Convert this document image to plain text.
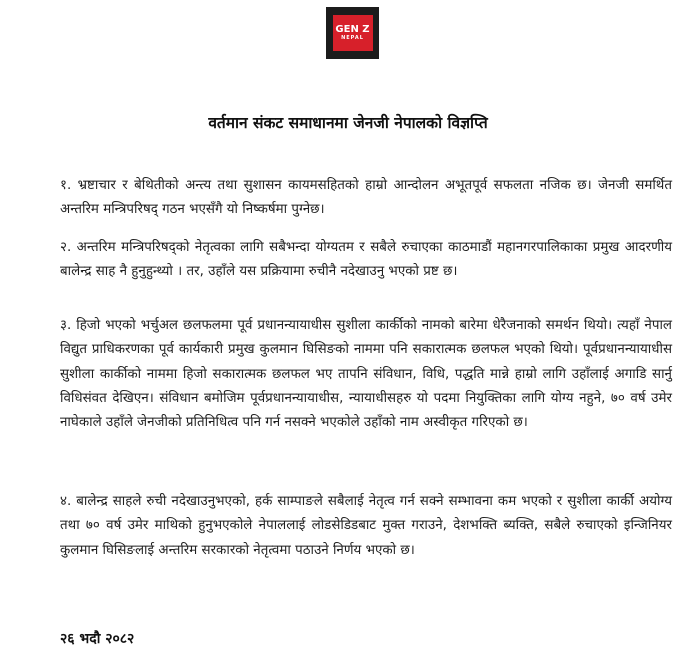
GEN Z
NEPAL
वर्तमान संकट समाधानमा जेनजी नेपालको विज्ञप्ति
१. भ्रष्टाचार र बेथितीको अन्त्य तथा सुशासन कायमसहितको हाम्रो आन्दोलन अभूतपूर्व सफलता नजिक छ। जेनजी समर्थित अन्तरिम मन्त्रिपरिषद् गठन भएसँगै यो निष्कर्षमा पुग्नेछ।
२. अन्तरिम मन्त्रिपरिषद्को नेतृत्वका लागि सबैभन्दा योग्यतम र सबैले रुचाएका काठमाडौं महानगरपालिकाका प्रमुख आदरणीय बालेन्द्र साह नै हुनुहुन्थ्यो । तर, उहाँले यस प्रक्रियामा रुचीनै नदेखाउनु भएको प्रष्ट छ।
३. हिजो भएको भर्चुअल छलफलमा पूर्व प्रधानन्यायाधीस सुशीला कार्कीको नामको बारेमा धेरैजनाको समर्थन थियो। त्यहाँ नेपाल विद्युत प्राधिकरणका पूर्व कार्यकारी प्रमुख कुलमान घिसिङको नाममा पनि सकारात्मक छलफल भएको थियो। पूर्वप्रधानन्यायाधीस सुशीला कार्कीको नाममा हिजो सकारात्मक छलफल भए तापनि संविधान, विधि, पद्धति मान्ने हाम्रो लागि उहाँलाई अगाडि सार्नु विधिसंवत देखिएन। संविधान बमोजिम पूर्वप्रधानन्यायाधीस, न्यायाधीसहरु यो पदमा नियुक्तिका लागि योग्य नहुने, ७० वर्ष उमेर नाघेकाले उहाँले जेनजीको प्रतिनिधित्व पनि गर्न नसक्ने भएकोले उहाँको नाम अस्वीकृत गरिएको छ।
४. बालेन्द्र साहले रुची नदेखाउनुभएको, हर्क साम्पाङले सबैलाई नेतृत्व गर्न सक्ने सम्भावना कम भएको र सुशीला कार्की अयोग्य तथा ७० वर्ष उमेर माथिको हुनुभएकोले नेपाललाई लोडसेडिडबाट मुक्त गराउने, देशभक्ति ब्यक्ति, सबैले रुचाएको इन्जिनियर कुलमान घिसिङलाई अन्तरिम सरकारको नेतृत्वमा पठाउने निर्णय भएको छ।
२६ भदौ २०८२
